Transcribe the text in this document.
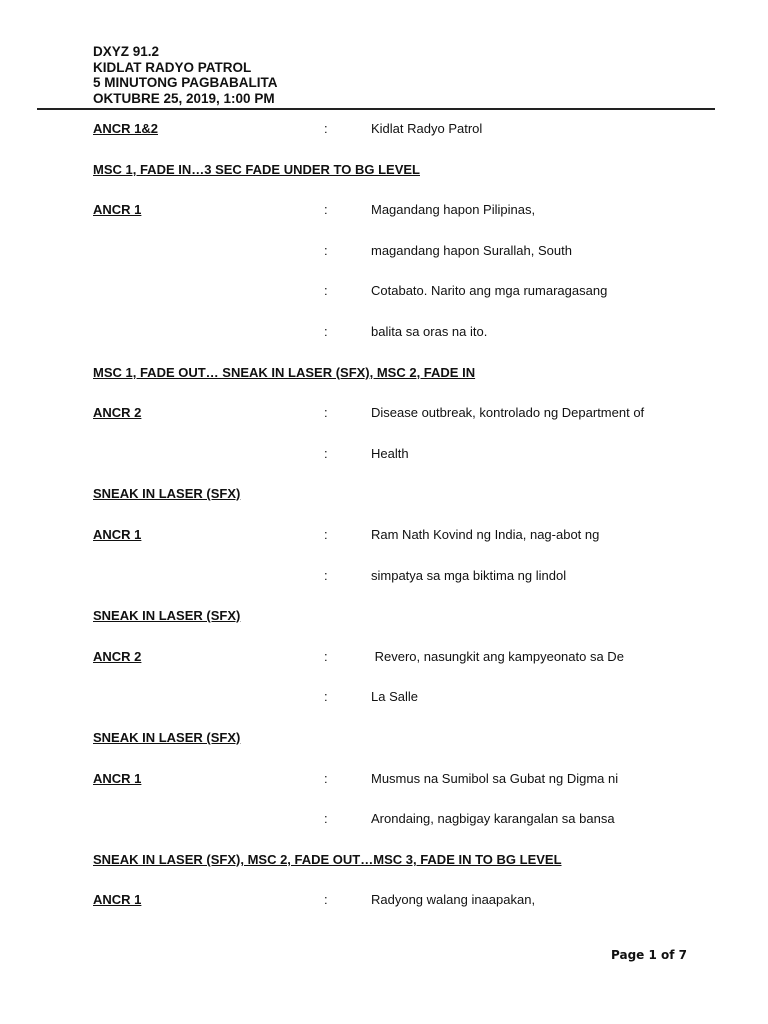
DXYZ 91.2
KIDLAT RADYO PATROL
5 MINUTONG PAGBABALITA
OKTUBRE 25, 2019, 1:00 PM
ANCR 1&2	:	Kidlat Radyo Patrol
MSC 1, FADE IN…3 SEC FADE UNDER TO BG LEVEL
ANCR 1	:	Magandang hapon Pilipinas,
:	magandang hapon Surallah, South
:	Cotabato. Narito ang mga rumaragasang
:	balita sa oras na ito.
MSC 1, FADE OUT… SNEAK IN LASER (SFX), MSC 2, FADE IN
ANCR 2	:	Disease outbreak, kontrolado ng Department of
:	Health
SNEAK IN LASER (SFX)
ANCR 1	:	Ram Nath Kovind ng India, nag-abot ng
:	simpatya sa mga biktima ng lindol
SNEAK IN LASER (SFX)
ANCR 2	:	Revero, nasungkit ang kampyeonato sa De
:	La Salle
SNEAK IN LASER (SFX)
ANCR 1	:	Musmus na Sumibol sa Gubat ng Digma ni
:	Arondaing, nagbigay karangalan sa bansa
SNEAK IN LASER (SFX), MSC 2, FADE OUT…MSC 3, FADE IN TO BG LEVEL
ANCR 1	:	Radyong walang inaapakan,
Page 1 of 7
